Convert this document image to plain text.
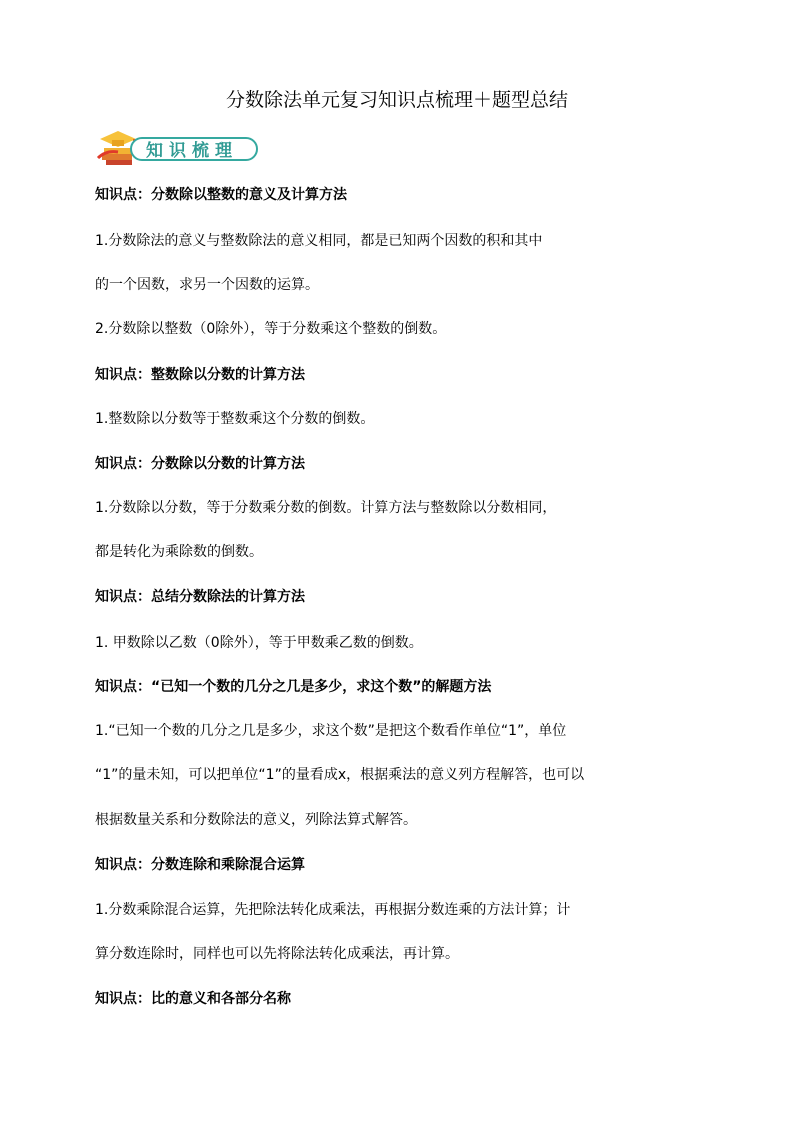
分数除法单元复习知识点梳理＋题型总结
知识梳理
知识点：分数除以整数的意义及计算方法
1.分数除法的意义与整数除法的意义相同，都是已知两个因数的积和其中
的一个因数，求另一个因数的运算。
2.分数除以整数（0除外），等于分数乘这个整数的倒数。
知识点：整数除以分数的计算方法
1.整数除以分数等于整数乘这个分数的倒数。
知识点：分数除以分数的计算方法
1.分数除以分数，等于分数乘分数的倒数。计算方法与整数除以分数相同，
都是转化为乘除数的倒数。
知识点：总结分数除法的计算方法
1. 甲数除以乙数（0除外），等于甲数乘乙数的倒数。
知识点：“已知一个数的几分之几是多少，求这个数”的解题方法
1.“已知一个数的几分之几是多少，求这个数”是把这个数看作单位“1”，单位
“1”的量未知，可以把单位“1”的量看成x，根据乘法的意义列方程解答，也可以
根据数量关系和分数除法的意义，列除法算式解答。
知识点：分数连除和乘除混合运算
1.分数乘除混合运算，先把除法转化成乘法，再根据分数连乘的方法计算；计
算分数连除时，同样也可以先将除法转化成乘法，再计算。
知识点：比的意义和各部分名称
